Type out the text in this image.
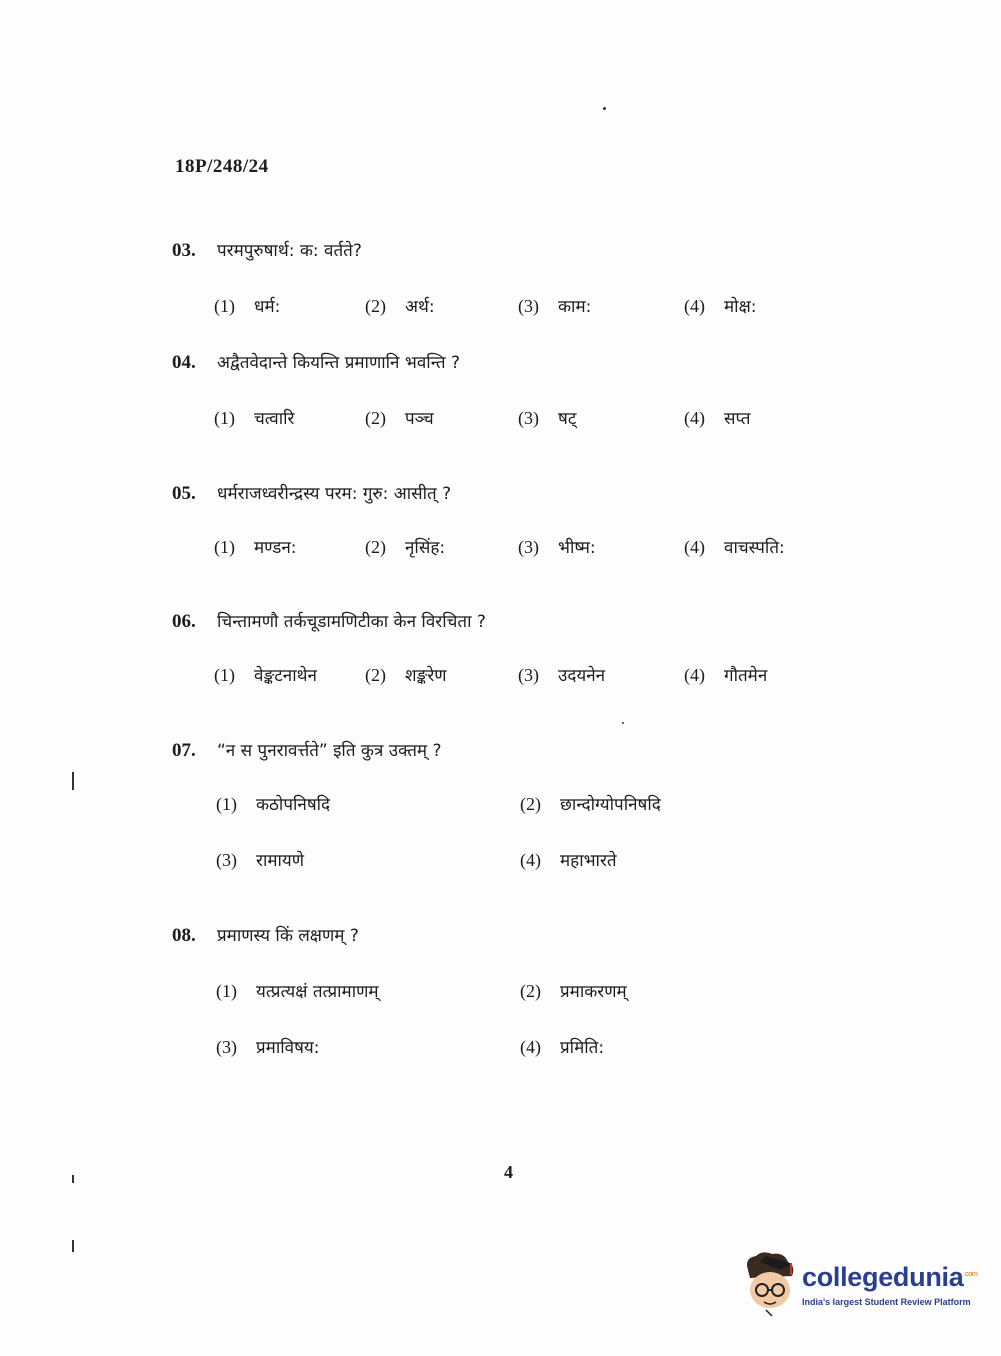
18P/248/24
03.	परमपुरुषार्थ: क: वर्तते?
(1)	धर्म:	(2)	अर्थ:	(3)	काम:	(4)	मोक्ष:
04.	अद्वैतवेदान्ते कियन्ति प्रमाणानि भवन्ति ?
(1)	चत्वारि	(2)	पञ्च	(3)	षट्	(4)	सप्त
05.	धर्मराजध्वरीन्द्रस्य परम: गुरु: आसीत् ?
(1)	मण्डन:	(2)	नृसिंह:	(3)	भीष्म:	(4)	वाचस्पति:
06.	चिन्तामणौ तर्कचूडामणिटीका केन विरचिता ?
(1)	वेङ्कटनाथेन	(2)	शङ्करेण	(3)	उदयनेन	(4)	गौतमेन
07.	“न स पुनरावर्त्तते” इति कुत्र उक्तम् ?
(1)	कठोपनिषदि	(2)	छान्दोग्योपनिषदि
(3)	रामायणे	(4)	महाभारते
08.	प्रमाणस्य किं लक्षणम् ?
(1)	यत्प्रत्यक्षं तत्प्रामाणम्	(2)	प्रमाकरणम्
(3)	प्रमाविषय:	(4)	प्रमिति:
4
collegedunia$^{.com}$
India's largest Student Review Platform
